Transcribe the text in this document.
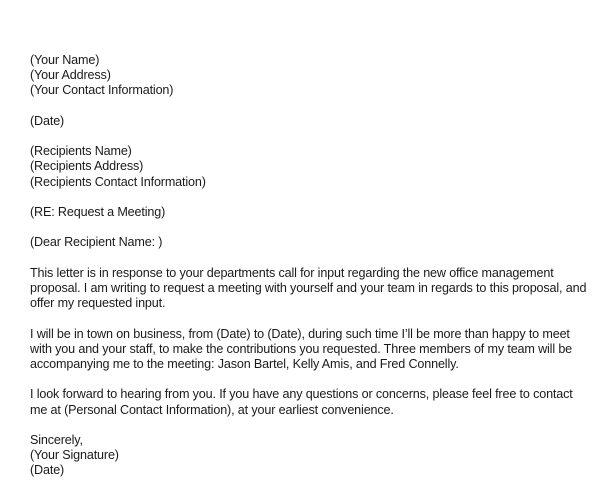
(Your Name)
(Your Address)
(Your Contact Information)
(Date)
(Recipients Name)
(Recipients Address)
(Recipients Contact Information)
(RE: Request a Meeting)
(Dear Recipient Name: )

This letter is in response to your departments call for input regarding the new office management
proposal. I am writing to request a meeting with yourself and your team in regards to this proposal, and
offer my requested input.

I will be in town on business, from (Date) to (Date), during such time I’ll be more than happy to meet
with you and your staff, to make the contributions you requested. Three members of my team will be
accompanying me to the meeting: Jason Bartel, Kelly Amis, and Fred Connelly.

I look forward to hearing from you. If you have any questions or concerns, please feel free to contact
me at (Personal Contact Information), at your earliest convenience.

Sincerely,
(Your Signature)
(Date)
